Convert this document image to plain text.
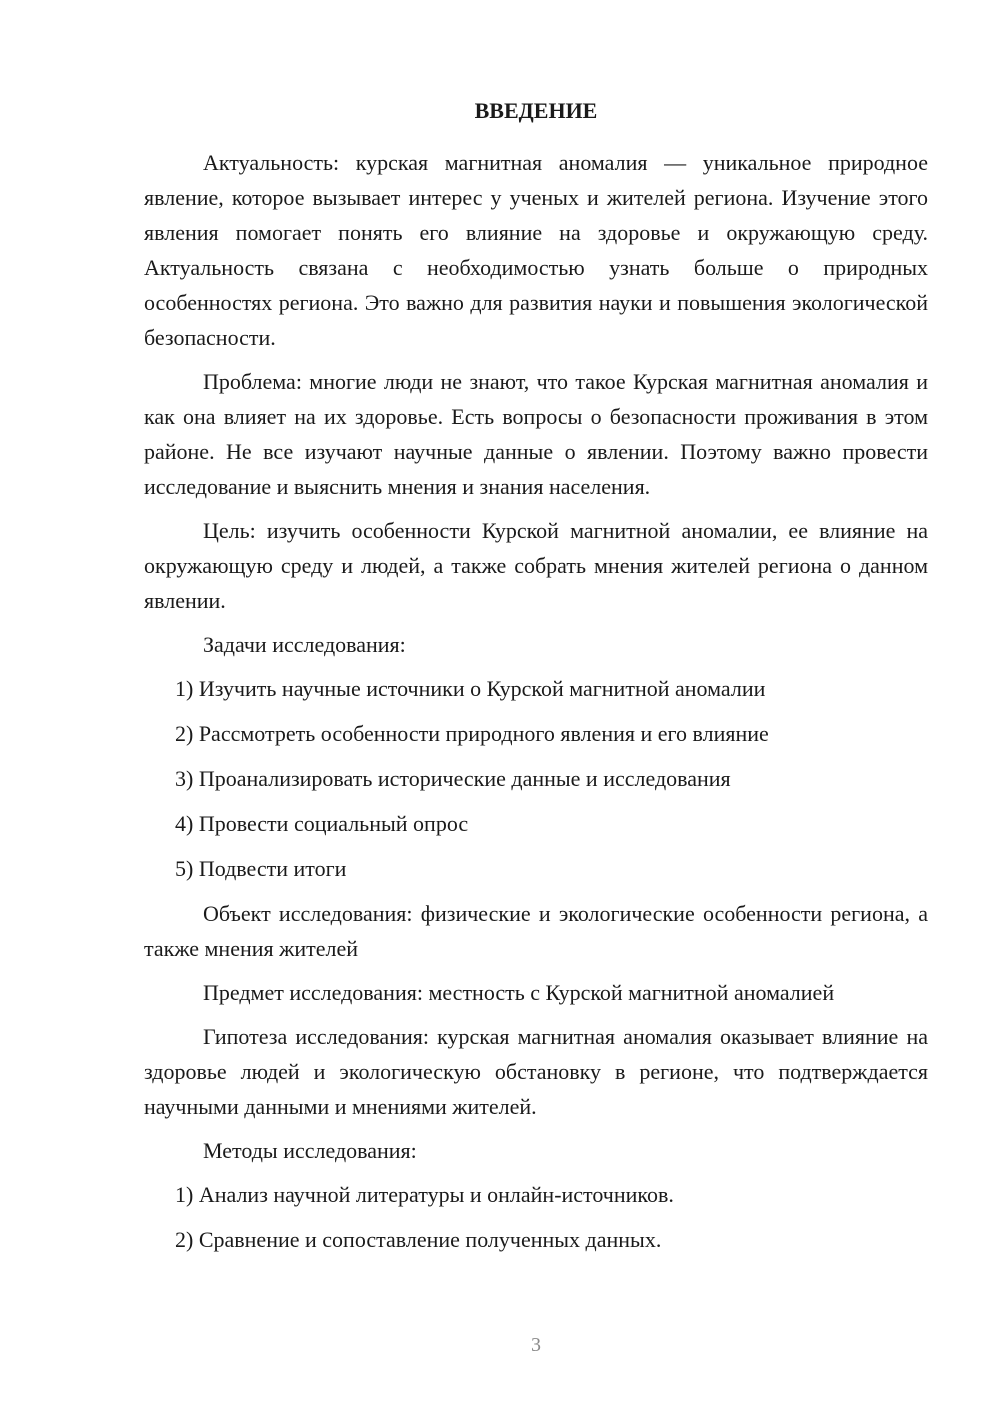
ВВЕДЕНИЕ

Актуальность: курская магнитная аномалия — уникальное природное явление, которое вызывает интерес у ученых и жителей региона. Изучение этого явления помогает понять его влияние на здоровье и окружающую среду. Актуальность связана с необходимостью узнать больше о природных особенностях региона. Это важно для развития науки и повышения экологической безопасности.

Проблема: многие люди не знают, что такое Курская магнитная аномалия и как она влияет на их здоровье. Есть вопросы о безопасности проживания в этом районе. Не все изучают научные данные о явлении. Поэтому важно провести исследование и выяснить мнения и знания населения.

Цель: изучить особенности Курской магнитной аномалии, ее влияние на окружающую среду и людей, а также собрать мнения жителей региона о данном явлении.

Задачи исследования:

1) Изучить научные источники о Курской магнитной аномалии
2) Рассмотреть особенности природного явления и его влияние
3) Проанализировать исторические данные и исследования
4) Провести социальный опрос
5) Подвести итоги

Объект исследования: физические и экологические особенности региона, а также мнения жителей

Предмет исследования: местность с Курской магнитной аномалией

Гипотеза исследования: курская магнитная аномалия оказывает влияние на здоровье людей и экологическую обстановку в регионе, что подтверждается научными данными и мнениями жителей.

Методы исследования:

1) Анализ научной литературы и онлайн-источников.
2) Сравнение и сопоставление полученных данных.
3
